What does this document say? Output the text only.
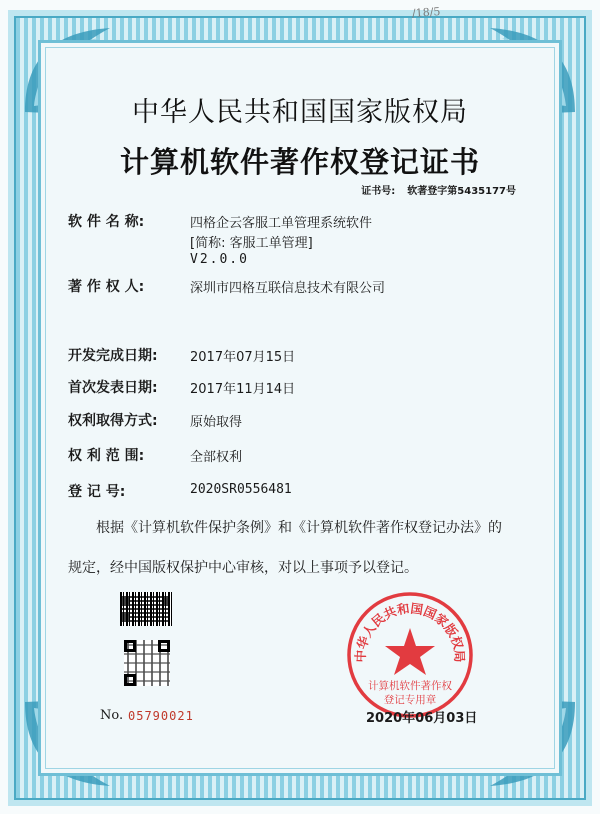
/18/5
中华人民共和国国家版权局
计算机软件著作权登记证书
证书号: 软著登字第5435177号
软 件 名 称:	四格企云客服工单管理系统软件
[简称: 客服工单管理]
V2.0.0
著 作 权 人:	深圳市四格互联信息技术有限公司
开发完成日期:	2017年07月15日
首次发表日期:	2017年11月14日
权利取得方式:	原始取得
权 利 范 围:	全部权利
登 记 号:	2020SR0556481
根据《计算机软件保护条例》和《计算机软件著作权登记办法》的
规定，经中国版权保护中心审核，对以上事项予以登记。
No. 05790021
中华人民共和国国家版权局
计算机软件著作权
登记专用章
2020年06月03日
